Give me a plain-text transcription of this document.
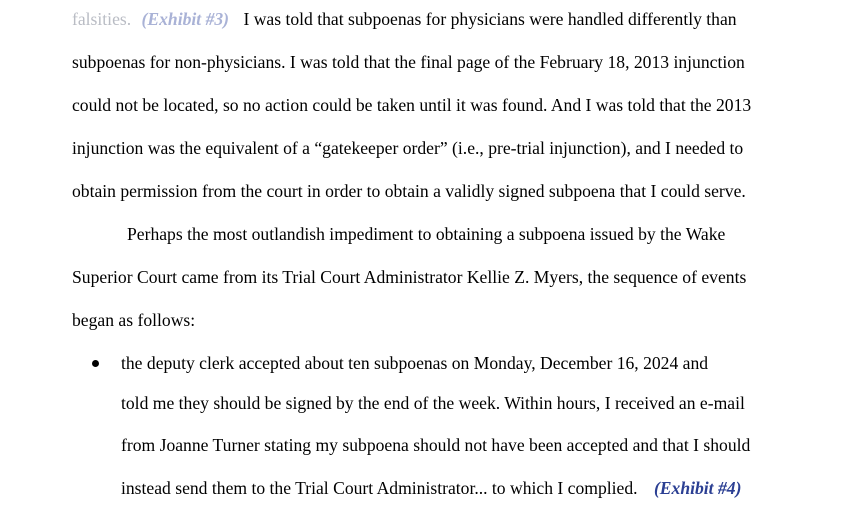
falsities. (Exhibit #3) I was told that subpoenas for physicians were handled differently than
subpoenas for non-physicians. I was told that the final page of the February 18, 2013 injunction
could not be located, so no action could be taken until it was found. And I was told that the 2013
injunction was the equivalent of a “gatekeeper order” (i.e., pre-trial injunction), and I needed to
obtain permission from the court in order to obtain a validly signed subpoena that I could serve.
Perhaps the most outlandish impediment to obtaining a subpoena issued by the Wake
Superior Court came from its Trial Court Administrator Kellie Z. Myers, the sequence of events
began as follows:
the deputy clerk accepted about ten subpoenas on Monday, December 16, 2024 and
told me they should be signed by the end of the week. Within hours, I received an e-mail
from Joanne Turner stating my subpoena should not have been accepted and that I should
instead send them to the Trial Court Administrator... to which I complied. (Exhibit #4)
